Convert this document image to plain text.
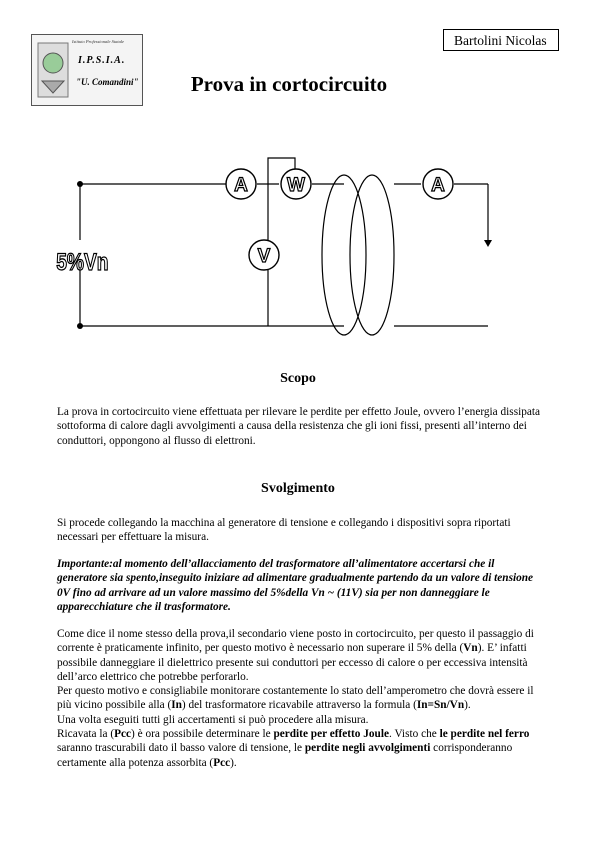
Bartolini Nicolas
Istituto Professionale Statale
I.P.S.I.A.
"U. Comandini"	Prova in cortocircuito
A W	A
V
5%Vn
Scopo
La prova in cortocircuito viene effettuata per rilevare le perdite per effetto Joule, ovvero l’energia dissipata sottoforma di calore dagli avvolgimenti a causa della resistenza che gli ioni fissi, presenti all’interno dei conduttori, oppongono al flusso di elettroni.
Svolgimento
Si procede collegando la macchina al generatore di tensione e collegando i dispositivi sopra riportati necessari per effettuare la misura.
Importante:al momento dell’allacciamento del trasformatore all’alimentatore accertarsi che il generatore sia spento,inseguito iniziare ad alimentare gradualmente partendo da un valore di tensione 0V fino ad arrivare ad un valore massimo del 5%della Vn ~ (11V) sia per non danneggiare le apparecchiature che il trasformatore.
Come dice il nome stesso della prova,il secondario viene posto in cortocircuito, per questo il passaggio di corrente è praticamente infinito, per questo motivo è necessario non superare il 5% della (Vn). E’ infatti possibile danneggiare il dielettrico presente sui conduttori per eccesso di calore o per eccessiva intensità dell’arco elettrico che potrebbe perforarlo.
Per questo motivo e consigliabile monitorare costantemente lo stato dell’amperometro che dovrà essere il più vicino possibile alla (In) del trasformatore ricavabile attraverso la formula (In=Sn/Vn).
Una volta eseguiti tutti gli accertamenti si può procedere alla misura.
Ricavata la (Pcc) è ora possibile determinare le perdite per effetto Joule. Visto che le perdite nel ferro saranno trascurabili dato il basso valore di tensione, le perdite negli avvolgimenti corrisponderanno certamente alla potenza assorbita (Pcc).
